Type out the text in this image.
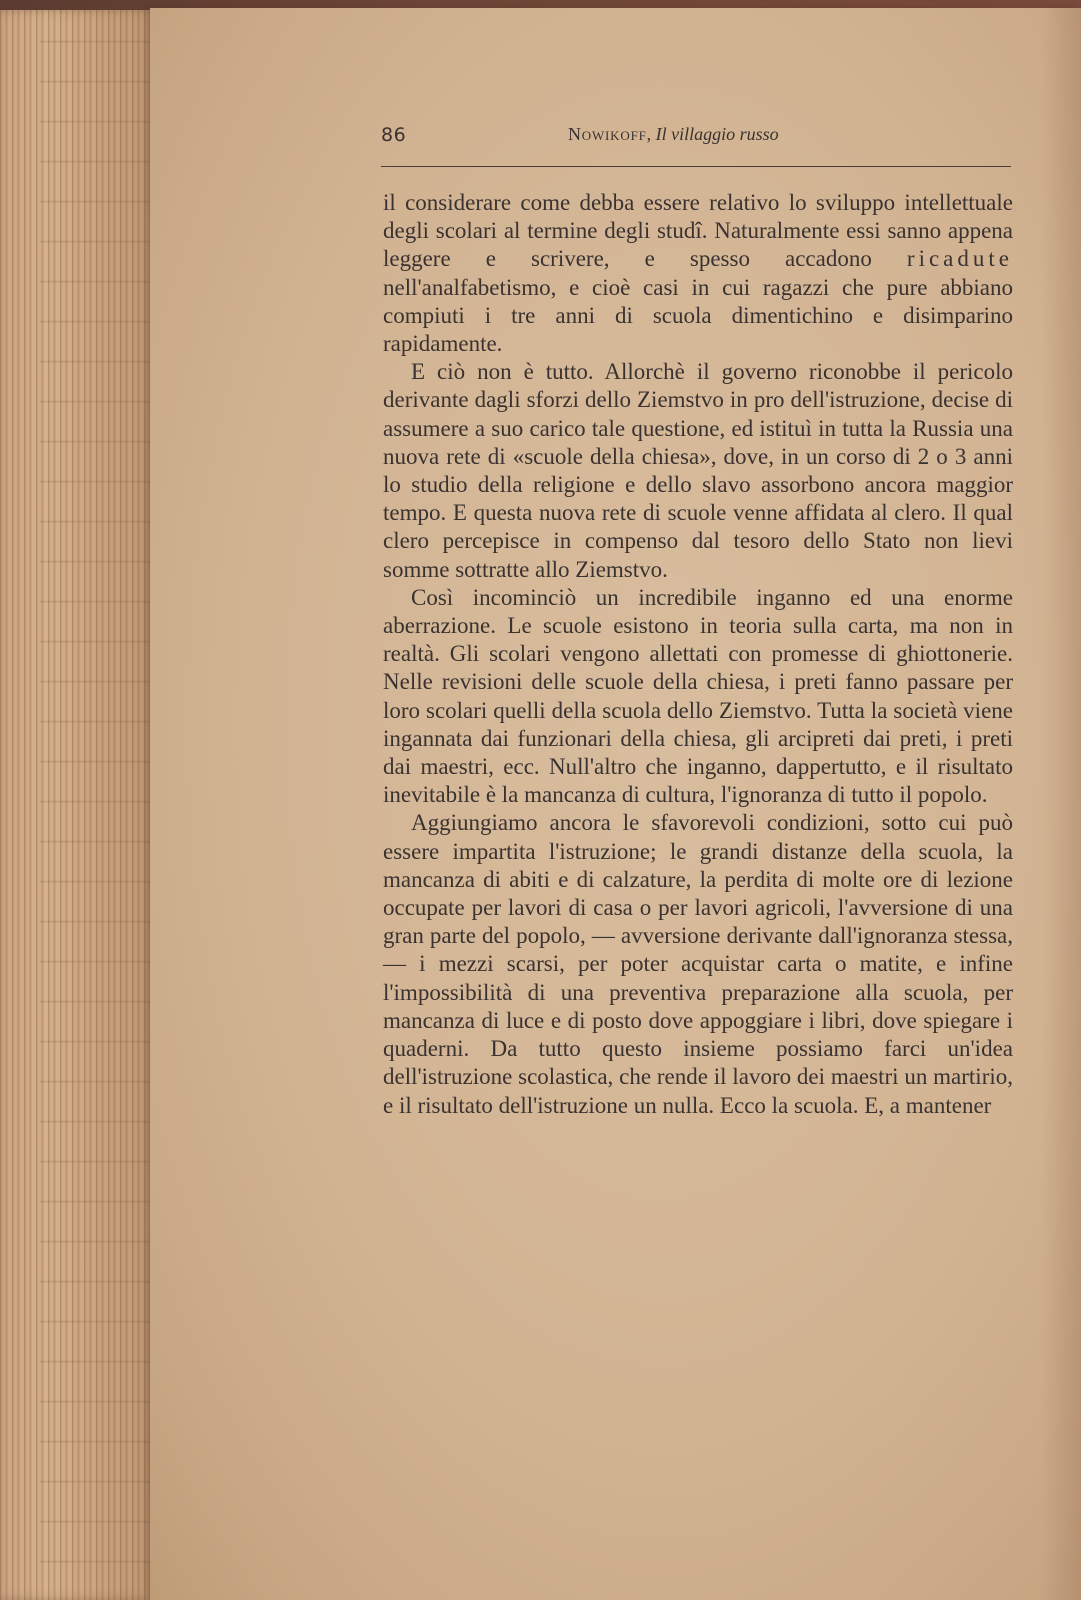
86	Nowikoff, Il villaggio russo

il considerare come debba essere relativo lo sviluppo intellettuale degli scolari al termine degli studî. Naturalmente essi sanno appena leggere e scrivere, e spesso accadono ricadute nell'analfabetismo, e cioè casi in cui ragazzi che pure abbiano compiuti i tre anni di scuola dimentichino e disimparino rapidamente.

E ciò non è tutto. Allorchè il governo riconobbe il pericolo derivante dagli sforzi dello Ziemstvo in pro dell'istruzione, decise di assumere a suo carico tale questione, ed istituì in tutta la Russia una nuova rete di «scuole della chiesa», dove, in un corso di 2 o 3 anni lo studio della religione e dello slavo assorbono ancora maggior tempo. E questa nuova rete di scuole venne affidata al clero. Il qual clero percepisce in compenso dal tesoro dello Stato non lievi somme sottratte allo Ziemstvo.

Così incominciò un incredibile inganno ed una enorme aberrazione. Le scuole esistono in teoria sulla carta, ma non in realtà. Gli scolari vengono allettati con promesse di ghiottonerie. Nelle revisioni delle scuole della chiesa, i preti fanno passare per loro scolari quelli della scuola dello Ziemstvo. Tutta la società viene ingannata dai funzionari della chiesa, gli arcipreti dai preti, i preti dai maestri, ecc. Null'altro che inganno, dappertutto, e il risultato inevitabile è la mancanza di cultura, l'ignoranza di tutto il popolo.

Aggiungiamo ancora le sfavorevoli condizioni, sotto cui può essere impartita l'istruzione; le grandi distanze della scuola, la mancanza di abiti e di calzature, la perdita di molte ore di lezione occupate per lavori di casa o per lavori agricoli, l'avversione di una gran parte del popolo, — avversione derivante dall'ignoranza stessa, — i mezzi scarsi, per poter acquistar carta o matite, e infine l'impossibilità di una preventiva preparazione alla scuola, per mancanza di luce e di posto dove appoggiare i libri, dove spiegare i quaderni. Da tutto questo insieme possiamo farci un'idea dell'istruzione scolastica, che rende il lavoro dei maestri un martirio, e il risultato dell'istruzione un nulla. Ecco la scuola. E, a mantener
